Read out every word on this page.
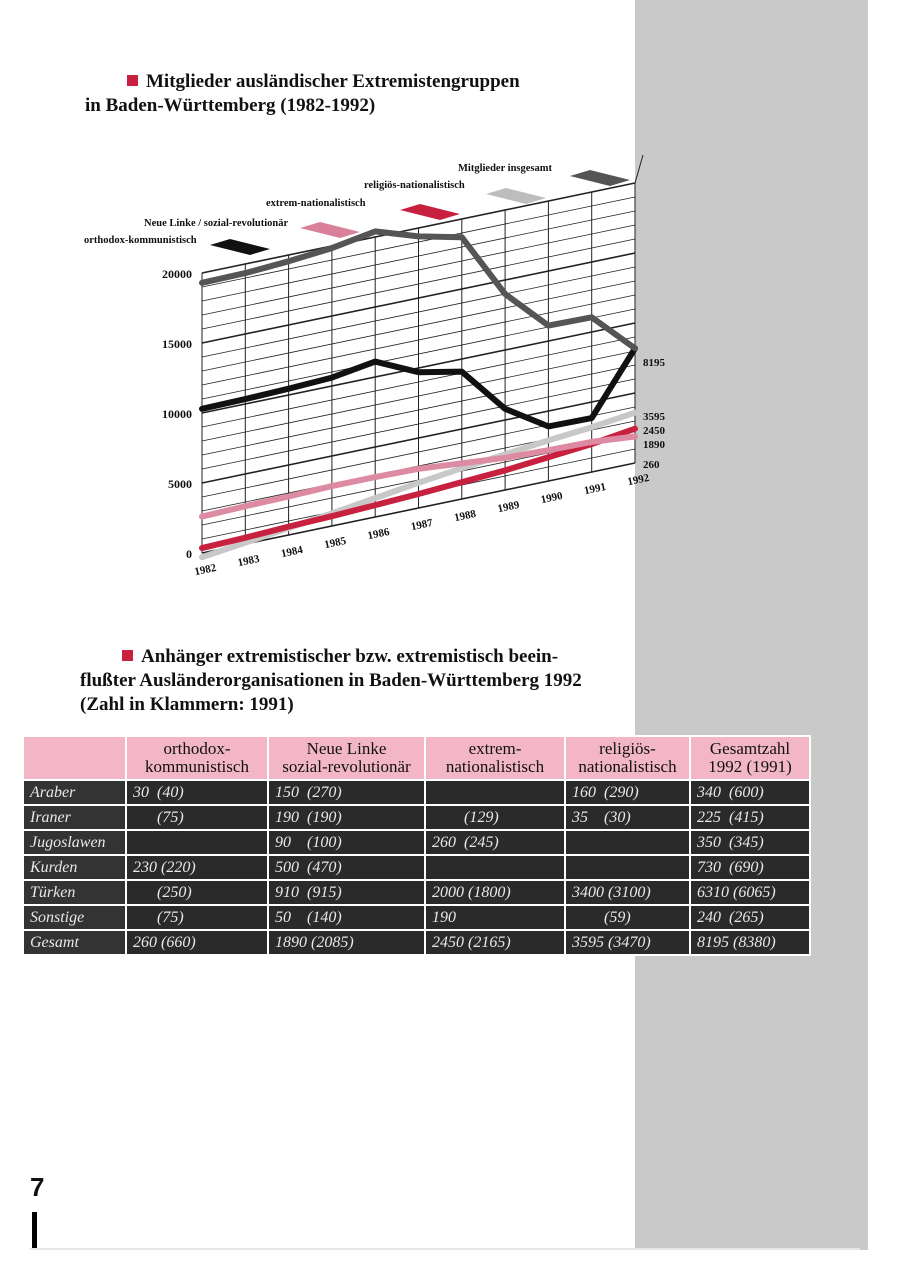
Mitglieder ausländischer Extremistengruppen
in Baden-Württemberg (1982-1992)
0
5000
10000
15000
20000
1982
1983
1984
1985
1986
1987
1988
1989
1990
1991
1992
8195
3595
2450
1890
260
orthodox-kommunistisch
Neue Linke / sozial-revolutionär
extrem-nationalistisch
religiös-nationalistisch
Mitglieder insgesamt
Anhänger extremistischer bzw. extremistisch beein-
flußter Ausländerorganisationen in Baden-Württemberg 1992
(Zahl in Klammern: 1991)
	orthodox-
kommunistisch	Neue Linke
sozial-revolutionär	extrem-
nationalistisch	religiös-
nationalistisch	Gesamtzahl
1992 (1991)
Araber	30  (40)	150  (270)		160  (290)	340  (600)
Iraner	(75)	190  (190)	(129)	35    (30)	225  (415)
Jugoslawen		90    (100)	260  (245)		350  (345)
Kurden	230 (220)	500  (470)			730  (690)
Türken	(250)	910  (915)	2000 (1800)	3400 (3100)	6310 (6065)
Sonstige	(75)	50    (140)	190	(59)	240  (265)
Gesamt	260 (660)	1890 (2085)	2450 (2165)	3595 (3470)	8195 (8380)
7
